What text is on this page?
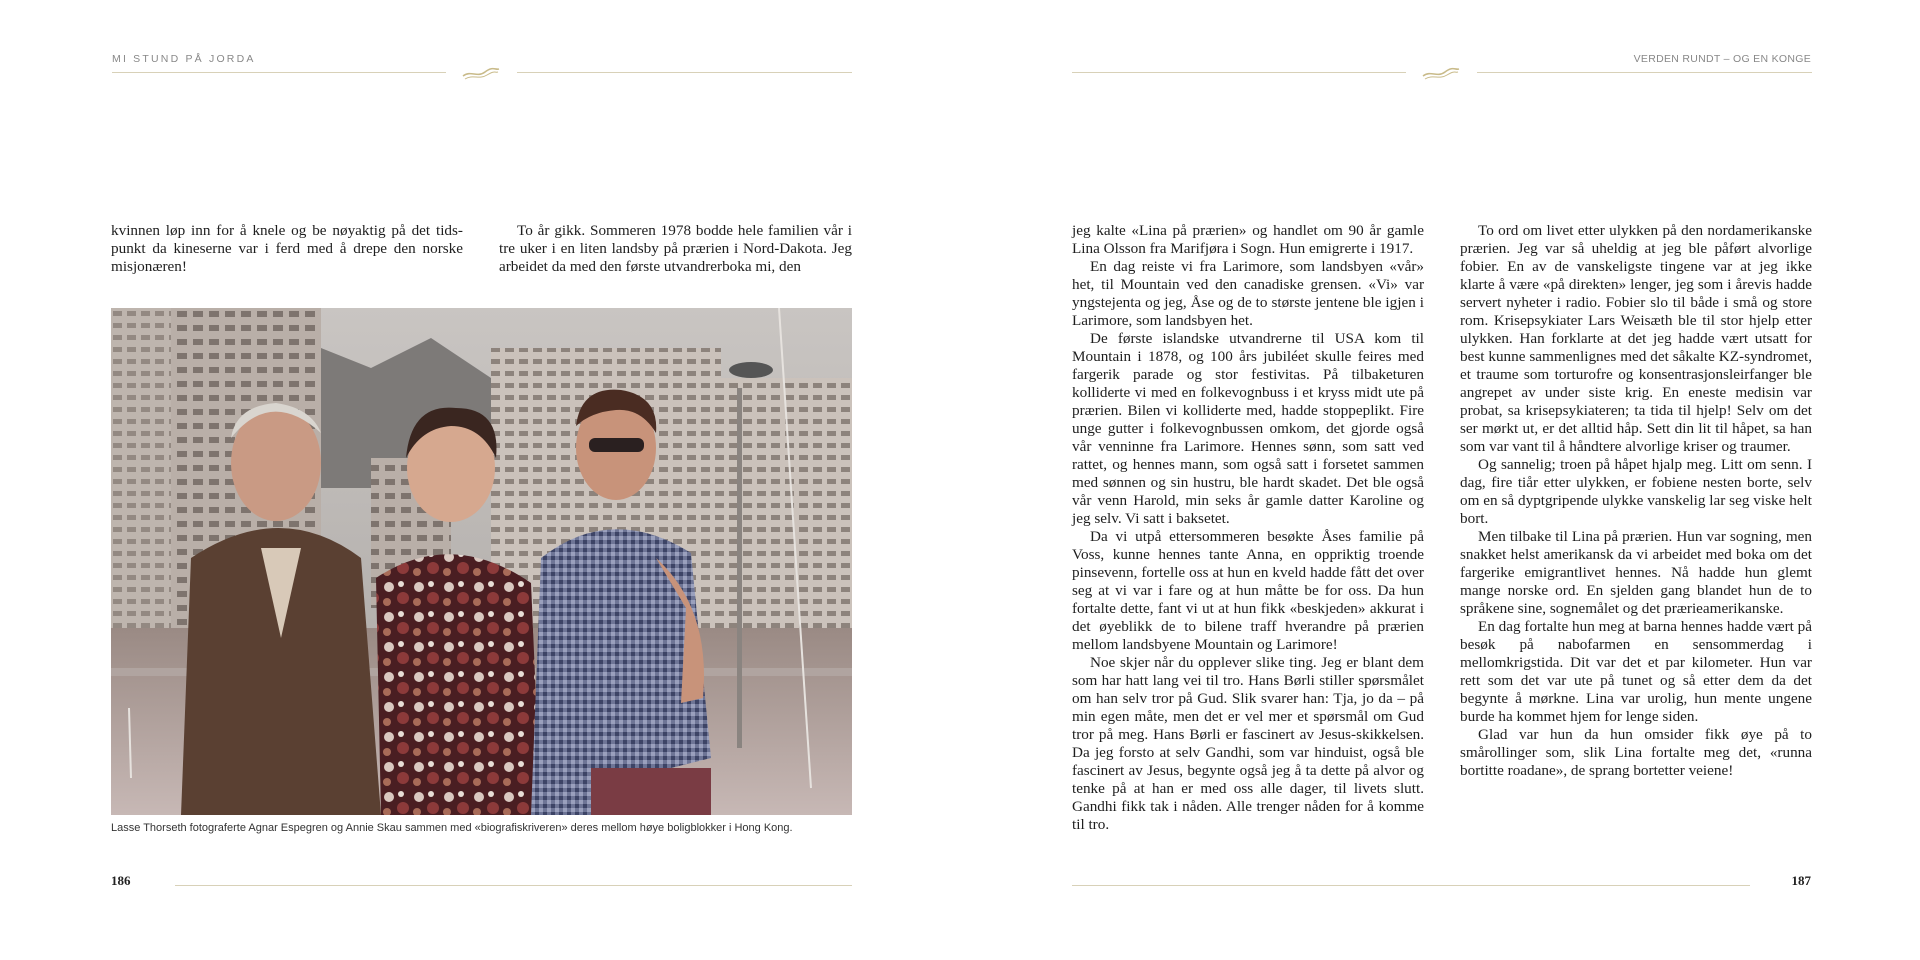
MI STUND PÅ JORDA

kvinnen løp inn for å knele og be nøyaktig på det tids-punkt da kineserne var i ferd med å drepe den norske misjonæren!

To år gikk. Sommeren 1978 bodde hele familien vår i tre uker i en liten landsby på prærien i Nord-Dakota. Jeg arbeidet da med den første utvandrerboka mi, den

Lasse Thorseth fotograferte Agnar Espegren og Annie Skau sammen med «biografiskriveren» deres mellom høye boligblokker i Hong Kong.
186
VERDEN RUNDT – OG EN KONGE

jeg kalte «Lina på prærien» og handlet om 90 år gamle Lina Olsson fra Marifjøra i Sogn. Hun emigrerte i 1917.

En dag reiste vi fra Larimore, som landsbyen «vår» het, til Mountain ved den canadiske grensen. «Vi» var yngstejenta og jeg, Åse og de to største jentene ble igjen i Larimore, som landsbyen het.

De første islandske utvandrerne til USA kom til Mountain i 1878, og 100 års jubiléet skulle feires med fargerik parade og stor festivitas. På tilbaketuren kolliderte vi med en folkevognbuss i et kryss midt ute på prærien. Bilen vi kolliderte med, hadde stoppeplikt. Fire unge gutter i folkevognbussen omkom, det gjorde også vår venninne fra Larimore. Hennes sønn, som satt ved rattet, og hennes mann, som også satt i forsetet sammen med sønnen og sin hustru, ble hardt skadet. Det ble også vår venn Harold, min seks år gamle datter Karoline og jeg selv. Vi satt i baksetet.

Da vi utpå ettersommeren besøkte Åses familie på Voss, kunne hennes tante Anna, en oppriktig troende pinsevenn, fortelle oss at hun en kveld hadde fått det over seg at vi var i fare og at hun måtte be for oss. Da hun fortalte dette, fant vi ut at hun fikk «beskjeden» akkurat i det øyeblikk de to bilene traff hverandre på prærien mellom landsbyene Mountain og Larimore!

Noe skjer når du opplever slike ting. Jeg er blant dem som har hatt lang vei til tro. Hans Børli stiller spørsmålet om han selv tror på Gud. Slik svarer han: Tja, jo da – på min egen måte, men det er vel mer et spørsmål om Gud tror på meg. Hans Børli er fascinert av Jesus-skikkelsen. Da jeg forsto at selv Gandhi, som var hinduist, også ble fascinert av Jesus, begynte også jeg å ta dette på alvor og tenke på at han er med oss alle dager, til livets slutt. Gandhi fikk tak i nåden. Alle trenger nåden for å komme til tro.

To ord om livet etter ulykken på den nordamerikanske prærien. Jeg var så uheldig at jeg ble påført alvorlige fobier. En av de vanskeligste tingene var at jeg ikke klarte å være «på direkten» lenger, jeg som i årevis hadde servert nyheter i radio. Fobier slo til både i små og store rom. Krisepsykiater Lars Weisæth ble til stor hjelp etter ulykken. Han forklarte at det jeg hadde vært utsatt for best kunne sammenlignes med det såkalte KZ-syndromet, et traume som torturofre og konsentrasjonsleirfanger ble angrepet av under siste krig. En eneste medisin var probat, sa krisepsykiateren; ta tida til hjelp! Selv om det ser mørkt ut, er det alltid håp. Sett din lit til håpet, sa han som var vant til å håndtere alvorlige kriser og traumer.

Og sannelig; troen på håpet hjalp meg. Litt om senn. I dag, fire tiår etter ulykken, er fobiene nesten borte, selv om en så dyptgripende ulykke vanskelig lar seg viske helt bort.

Men tilbake til Lina på prærien. Hun var sogning, men snakket helst amerikansk da vi arbeidet med boka om det fargerike emigrantlivet hennes. Nå hadde hun glemt mange norske ord. En sjelden gang blandet hun de to språkene sine, sognemålet og det prærieamerikanske.

En dag fortalte hun meg at barna hennes hadde vært på besøk på nabofarmen en sensommerdag i mellomkrigstida. Dit var det et par kilometer. Hun var rett som det var ute på tunet og så etter dem da det begynte å mørkne. Lina var urolig, hun mente ungene burde ha kommet hjem for lenge siden.

Glad var hun da hun omsider fikk øye på to smårollinger som, slik Lina fortalte meg det, «runna bortitte roadane», de sprang bortetter veiene!

187
